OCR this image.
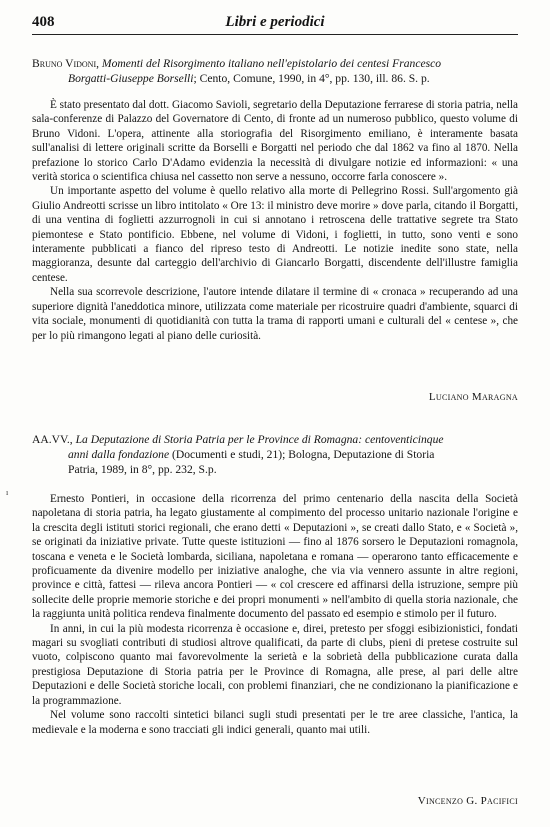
408	Libri e periodici

Bruno Vidoni, Momenti del Risorgimento italiano nell'epistolario dei centesi Francesco
Borgatti-Giuseppe Borselli; Cento, Comune, 1990, in 4°, pp. 130, ill. 86. S. p.

È stato presentato dal dott. Giacomo Savioli, segretario della Deputazione ferrarese di storia patria, nella sala-conferenze di Palazzo del Governatore di Cento, di fronte ad un numeroso pubblico, questo volume di Bruno Vidoni. L'opera, attinente alla storiografia del Risorgimento emiliano, è interamente basata sull'analisi di lettere originali scritte da Borselli e Borgatti nel periodo che dal 1862 va fino al 1870. Nella prefazione lo storico Carlo D'Adamo evidenzia la necessità di divulgare notizie ed informazioni: « una verità storica o scientifica chiusa nel cassetto non serve a nessuno, occorre farla conoscere ».
Un importante aspetto del volume è quello relativo alla morte di Pellegrino Rossi. Sull'argomento già Giulio Andreotti scrisse un libro intitolato « Ore 13: il ministro deve morire » dove parla, citando il Borgatti, di una ventina di foglietti azzurrognoli in cui si annotano i retroscena delle trattative segrete tra Stato piemontese e Stato pontificio. Ebbene, nel volume di Vidoni, i foglietti, in tutto, sono venti e sono interamente pubblicati a fianco del ripreso testo di Andreotti. Le notizie inedite sono state, nella maggioranza, desunte dal carteggio dell'archivio di Giancarlo Borgatti, discendente dell'illustre famiglia centese.
Nella sua scorrevole descrizione, l'autore intende dilatare il termine di « cronaca » recuperando ad una superiore dignità l'aneddotica minore, utilizzata come materiale per ricostruire quadri d'ambiente, squarci di vita sociale, monumenti di quotidianità con tutta la trama di rapporti umani e culturali del « centese », che per lo più rimangono legati al piano delle curiosità.

Luciano Maragna

AA.VV., La Deputazione di Storia Patria per le Province di Romagna: centoventicinque
anni dalla fondazione (Documenti e studi, 21); Bologna, Deputazione di Storia
Patria, 1989, in 8°, pp. 232, S.p.

Ernesto Pontieri, in occasione della ricorrenza del primo centenario della nascita della Società napoletana di storia patria, ha legato giustamente al compimento del processo unitario nazionale l'origine e la crescita degli istituti storici regionali, che erano detti « Deputazioni », se creati dallo Stato, e « Società », se originati da iniziative private. Tutte queste istituzioni — fino al 1876 sorsero le Deputazioni romagnola, toscana e veneta e le Società lombarda, siciliana, napoletana e romana — operarono tanto efficacemente e proficuamente da divenire modello per iniziative analoghe, che via via vennero assunte in altre regioni, province e città, fattesi — rileva ancora Pontieri — « col crescere ed affinarsi della istruzione, sempre più sollecite delle proprie memorie storiche e dei propri monumenti » nell'ambito di quella storia nazionale, che la raggiunta unità politica rendeva finalmente documento del passato ed esempio e stimolo per il futuro.
In anni, in cui la più modesta ricorrenza è occasione e, direi, pretesto per sfoggi esibizionistici, fondati magari su svogliati contributi di studiosi altrove qualificati, da parte di clubs, pieni di pretese costruite sul vuoto, colpiscono quanto mai favorevolmente la serietà e la sobrietà della pubblicazione curata dalla prestigiosa Deputazione di Storia patria per le Province di Romagna, alle prese, al pari delle altre Deputazioni e delle Società storiche locali, con problemi finanziari, che ne condizionano la pianificazione e la programmazione.
Nel volume sono raccolti sintetici bilanci sugli studi presentati per le tre aree classiche, l'antica, la medievale e la moderna e sono tracciati gli indici generali, quanto mai utili.

Vincenzo G. Pacifici
ı
